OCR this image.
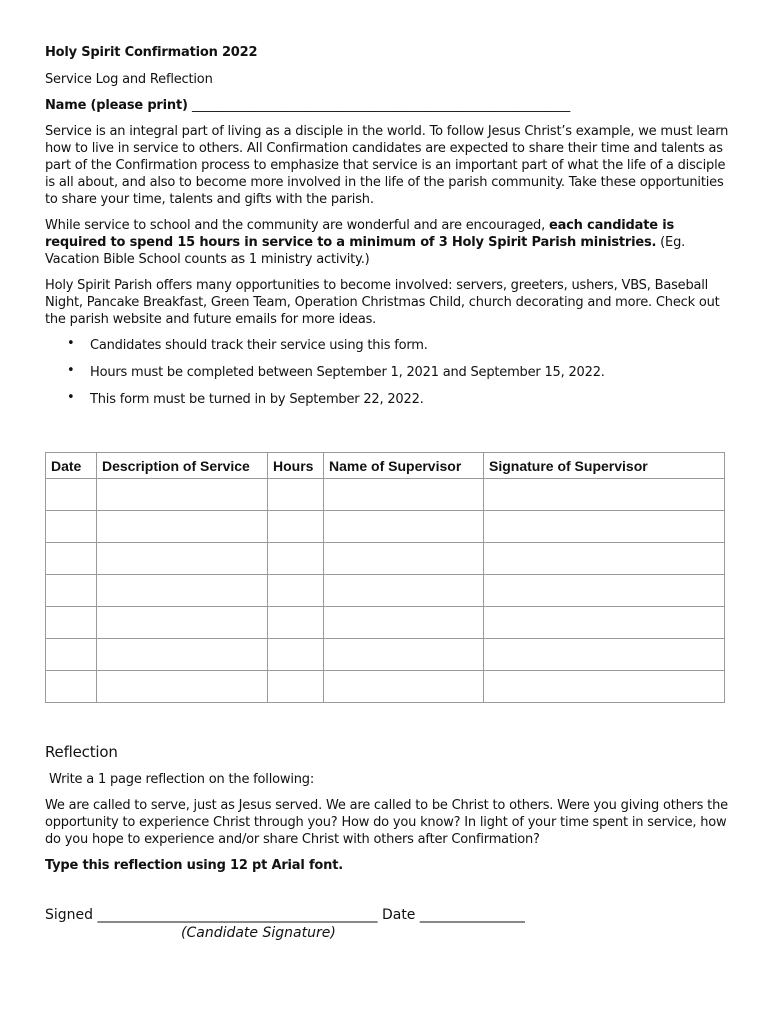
Holy Spirit Confirmation 2022
Service Log and Reflection
Name (please print) ____________________________________________________________

Service is an integral part of living as a disciple in the world. To follow Jesus Christ’s example, we must learn how to live in service to others. All Confirmation candidates are expected to share their time and talents as part of the Confirmation process to emphasize that service is an important part of what the life of a disciple is all about, and also to become more involved in the life of the parish community. Take these opportunities to share your time, talents and gifts with the parish.

While service to school and the community are wonderful and are encouraged, each candidate is required to spend 15 hours in service to a minimum of 3 Holy Spirit Parish ministries. (Eg. Vacation Bible School counts as 1 ministry activity.)

Holy Spirit Parish offers many opportunities to become involved: servers, greeters, ushers, VBS, Baseball Night, Pancake Breakfast, Green Team, Operation Christmas Child, church decorating and more. Check out the parish website and future emails for more ideas.

• Candidates should track their service using this form.
• Hours must be completed between September 1, 2021 and September 15, 2022.
• This form must be turned in by September 22, 2022.
Date	Description of Service	Hours	Name of Supervisor	Signature of Supervisor

Reflection

Write a 1 page reflection on the following:

We are called to serve, just as Jesus served. We are called to be Christ to others. Were you giving others the opportunity to experience Christ through you? How do you know? In light of your time spent in service, how do you hope to experience and/or share Christ with others after Confirmation?

Type this reflection using 12 pt Arial font.

Signed ________________________________________ Date _______________
(Candidate Signature)
